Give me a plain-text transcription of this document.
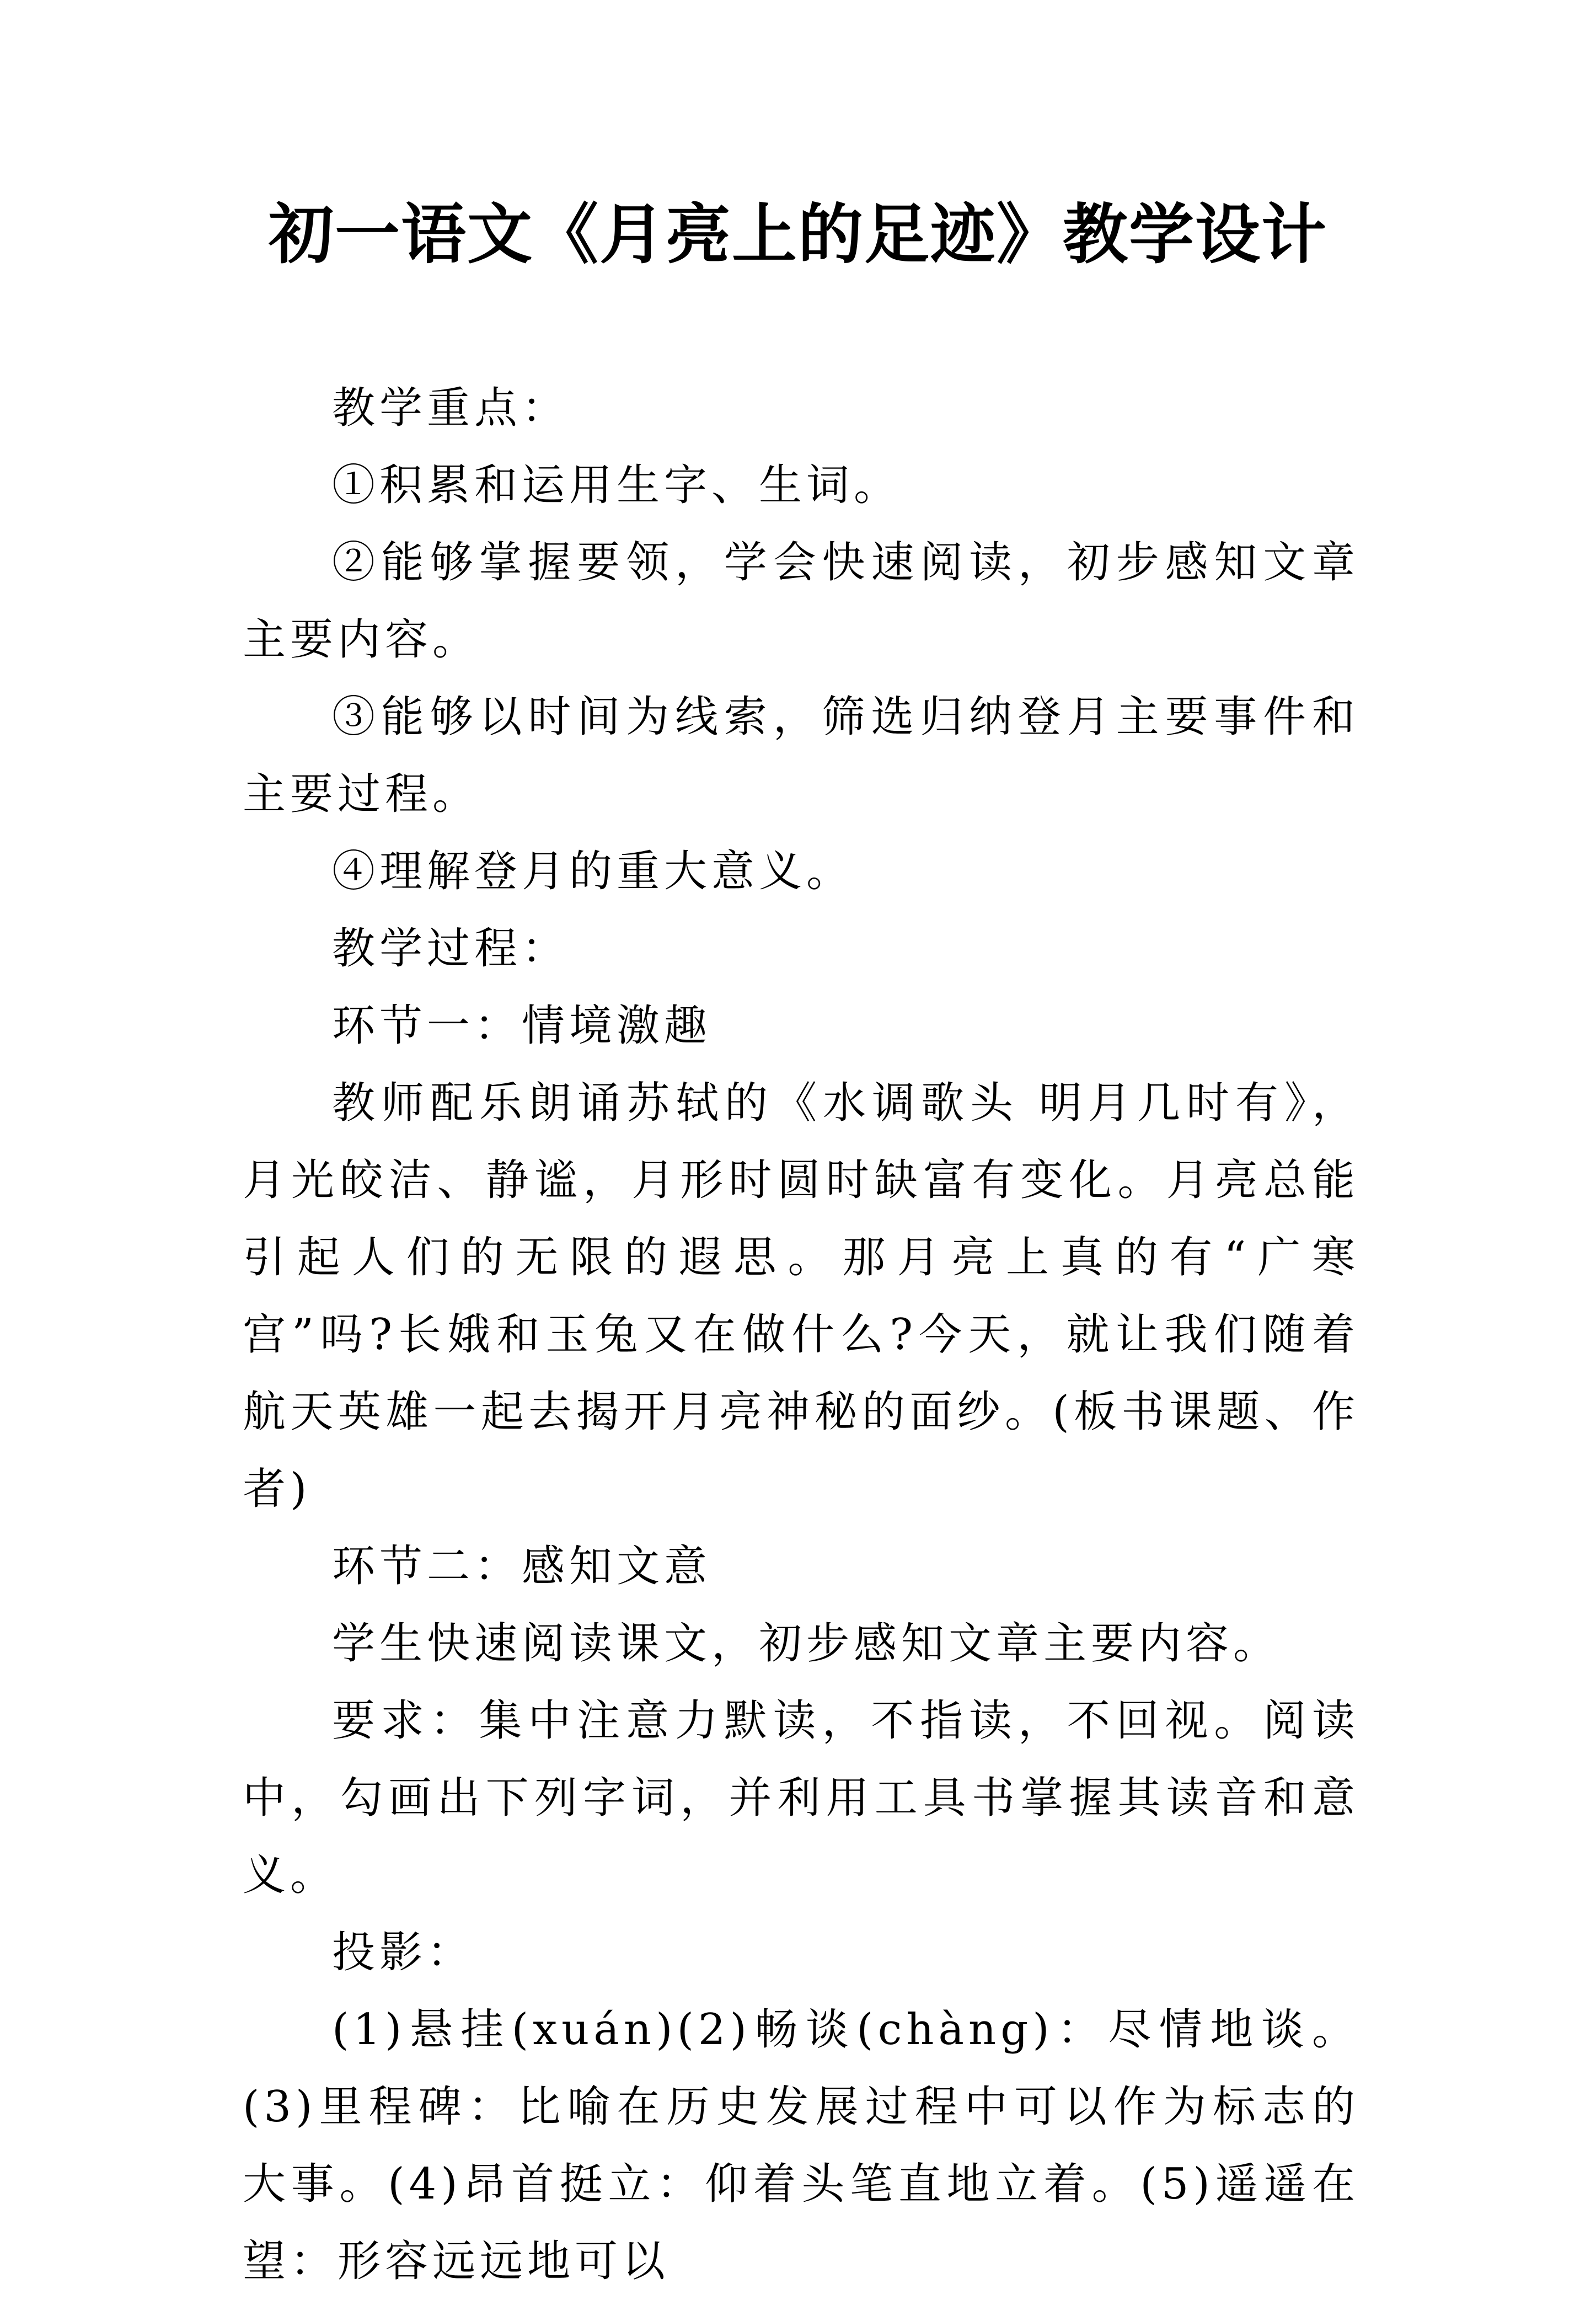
初一语文《月亮上的足迹》教学设计

教学重点：

①积累和运用生字、生词。

②能够掌握要领，学会快速阅读，初步感知文章主要内容。

③能够以时间为线索，筛选归纳登月主要事件和主要过程。

④理解登月的重大意义。

教学过程：

环节一：情境激趣

教师配乐朗诵苏轼的《水调歌头 明月几时有》，月光皎洁、静谧，月形时圆时缺富有变化。月亮总能引起人们的无限的遐思。那月亮上真的有“广寒宫”吗?长娥和玉兔又在做什么?今天，就让我们随着航天英雄一起去揭开月亮神秘的面纱。(板书课题、作者)

环节二：感知文意

学生快速阅读课文，初步感知文章主要内容。

要求：集中注意力默读，不指读，不回视。阅读中，勾画出下列字词，并利用工具书掌握其读音和意义。

投影：

(1)悬挂(xuán)(2)畅谈(chàng)：尽情地谈。(3)里程碑：比喻在历史发展过程中可以作为标志的大事。(4)昂首挺立：仰着头笔直地立着。(5)遥遥在望：形容远远地可以
